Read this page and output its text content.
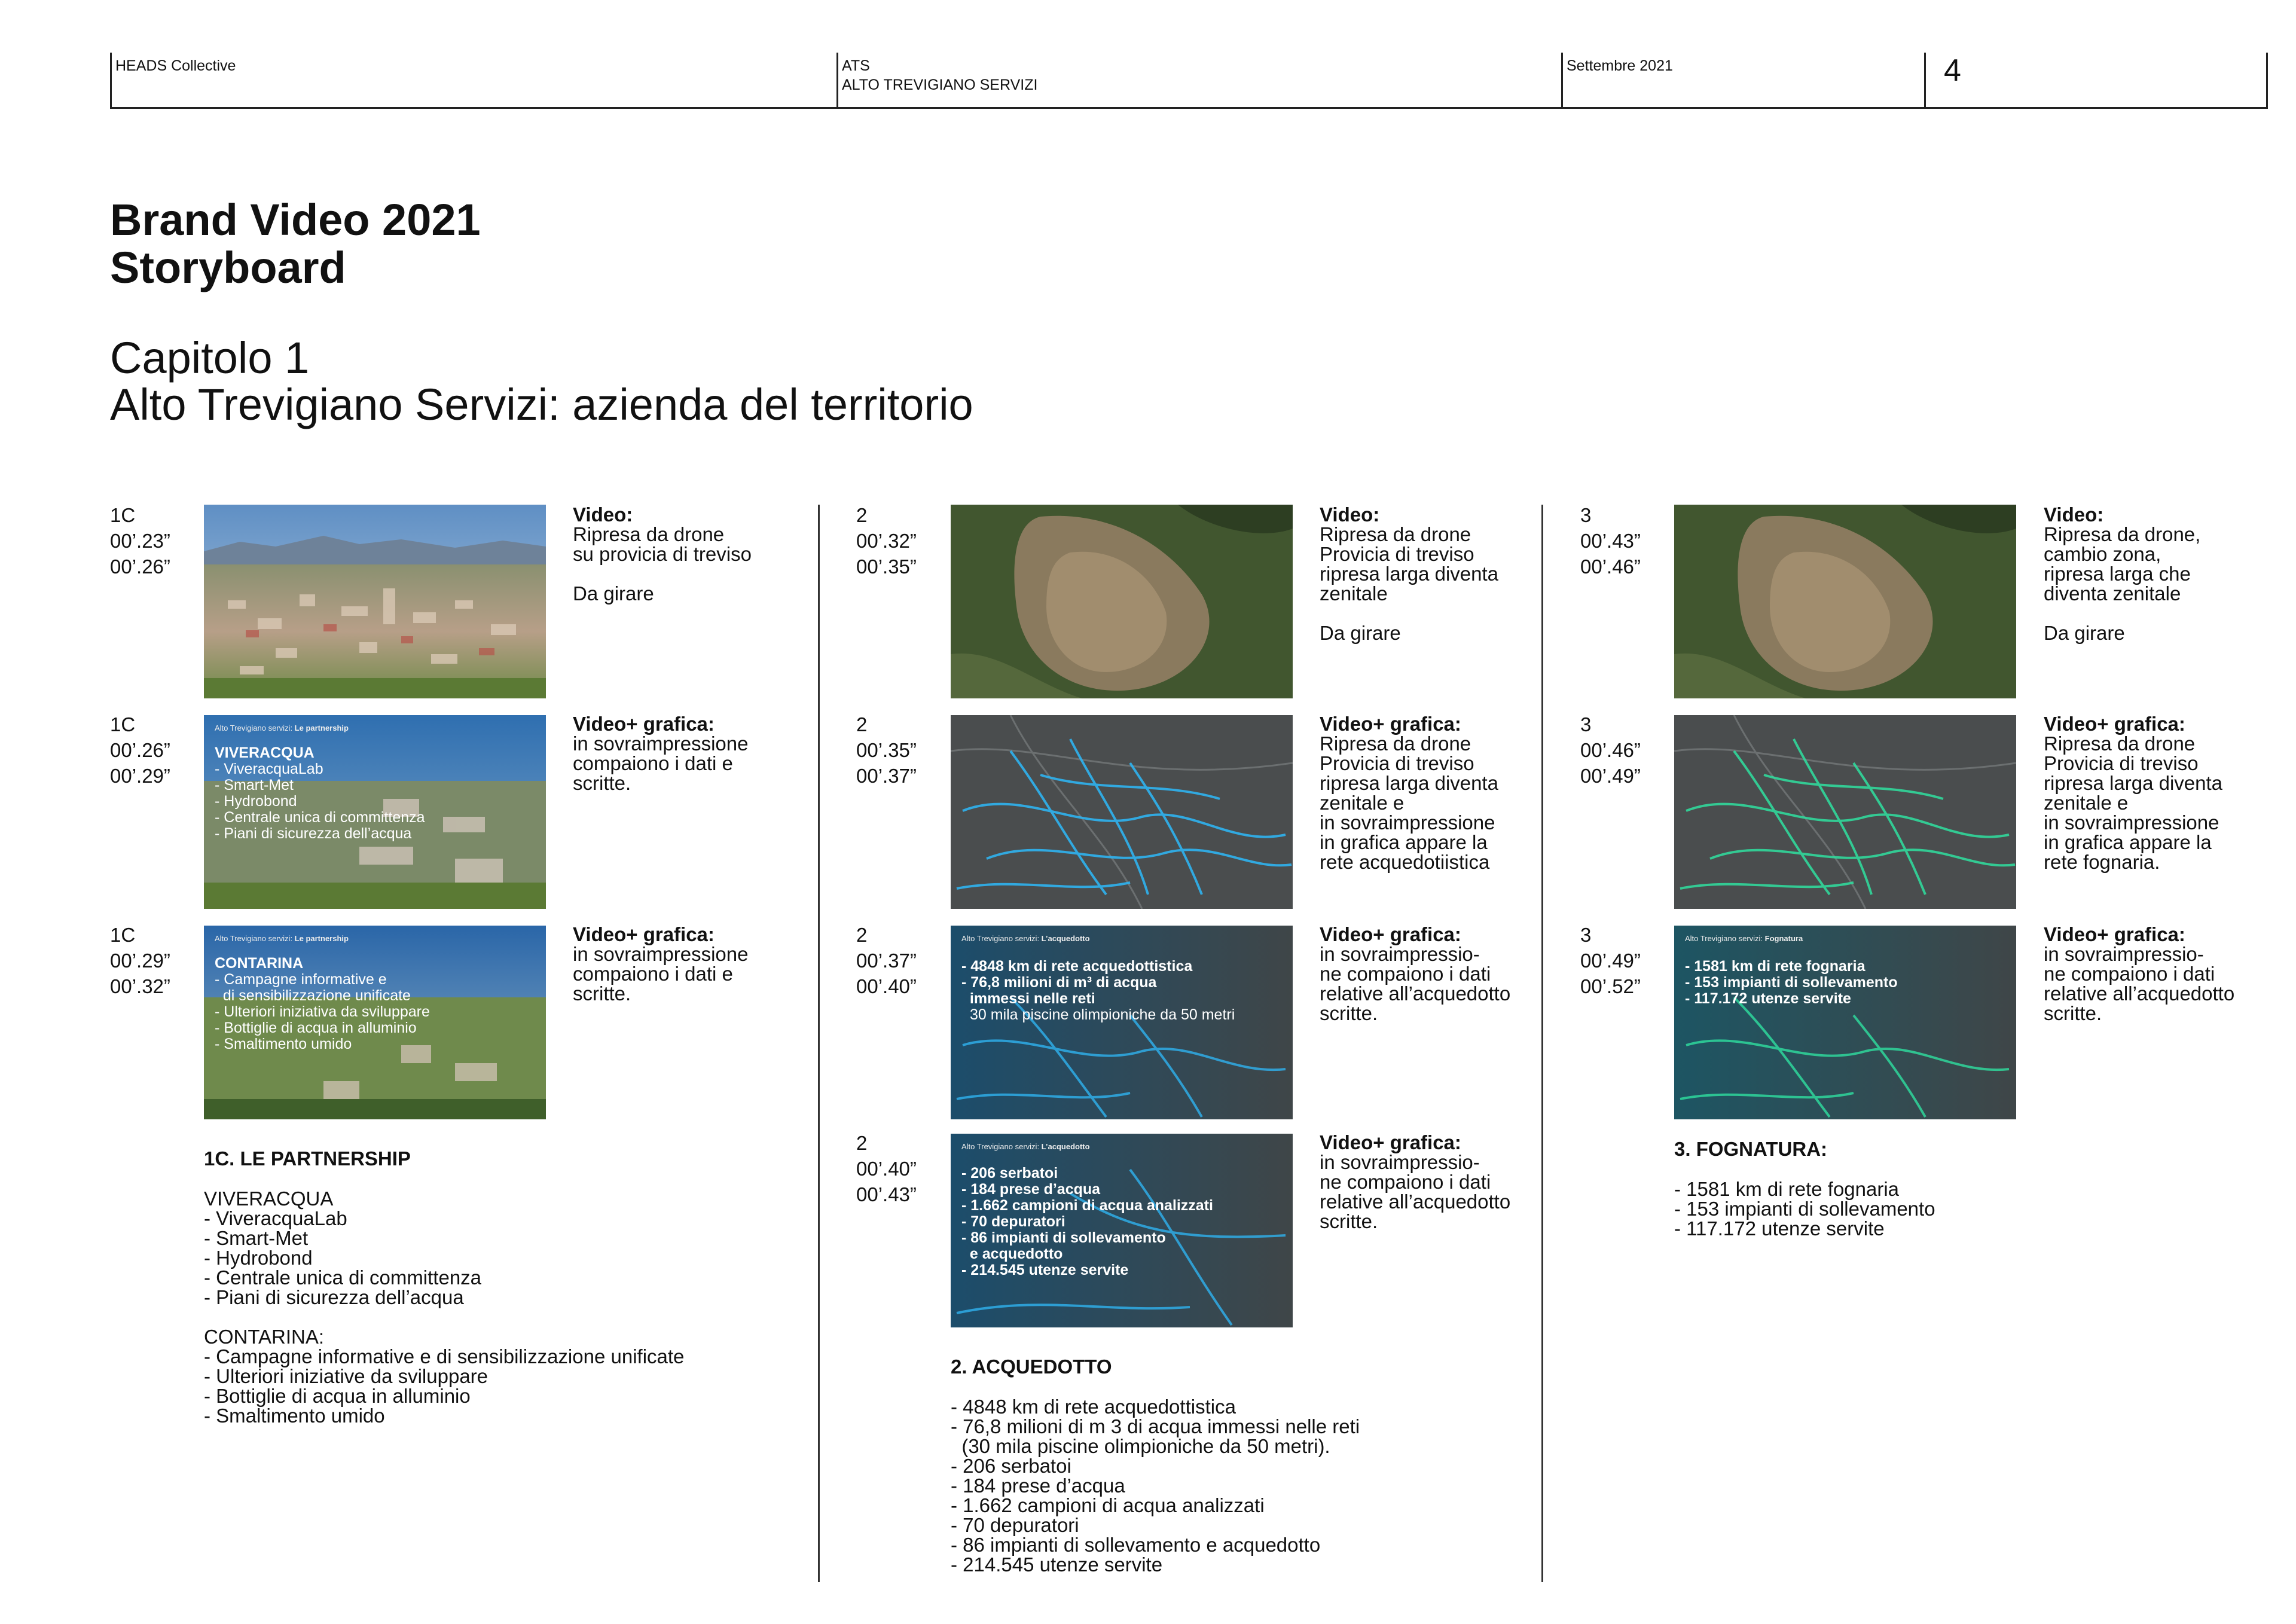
HEADS Collective	ATS
ALTO TREVIGIANO SERVIZI
Settembre 2021	4
Brand Video 2021
Storyboard
Capitolo 1
Alto Trevigiano Servizi: azienda del territorio
1C
00’.23”
00’.26”
Video:
Ripresa da drone
su provicia di treviso
Da girare
1C
00’.26”
00’.29”
Alto Trevigiano servizi: Le partnership
VIVERACQUA
- ViveracquaLab
- Smart-Met
- Hydrobond
- Centrale unica di committenza
- Piani di sicurezza dell’acqua
Video+ grafica:
in sovraimpressione
compaiono i dati e
scritte.
1C
00’.29”
00’.32”
Alto Trevigiano servizi: Le partnership
CONTARINA
- Campagne informative e
di sensibilizzazione unificate
- Ulteriori iniziativa da sviluppare
- Bottiglie di acqua in alluminio
- Smaltimento umido
Video+ grafica:
in sovraimpressione
compaiono i dati e
scritte.
1C. LE PARTNERSHIP
VIVERACQUA
- ViveracquaLab
- Smart-Met
- Hydrobond
- Centrale unica di committenza
- Piani di sicurezza dell’acqua
CONTARINA:
- Campagne informative e di sensibilizzazione unificate
- Ulteriori iniziative da sviluppare
- Bottiglie di acqua in alluminio
- Smaltimento umido
2
00’.32”
00’.35”
Video:
Ripresa da drone
Provicia di treviso
ripresa larga diventa
zenitale
Da girare
2
00’.35”
00’.37”
Video+ grafica:
Ripresa da drone
Provicia di treviso
ripresa larga diventa
zenitale e
in sovraimpressione
in grafica appare la
rete acquedotiistica
2
00’.37”
00’.40”
Alto Trevigiano servizi: L’acquedotto
- 4848 km di rete acquedottistica
- 76,8 milioni di m³ di acqua
immessi nelle reti
30 mila piscine olimpioniche da 50 metri
Video+ grafica:
in sovraimpressio-
ne compaiono i dati
relative all’acquedotto
scritte.
2
00’.40”
00’.43”
Alto Trevigiano servizi: L’acquedotto
- 206 serbatoi
- 184 prese d’acqua
- 1.662 campioni di acqua analizzati
- 70 depuratori
- 86 impianti di sollevamento
e acquedotto
- 214.545 utenze servite
Video+ grafica:
in sovraimpressio-
ne compaiono i dati
relative all’acquedotto
scritte.
2. ACQUEDOTTO
- 4848 km di rete acquedottistica
- 76,8 milioni di m 3 di acqua immessi nelle reti
(30 mila piscine olimpioniche da 50 metri).
- 206 serbatoi
- 184 prese d’acqua
- 1.662 campioni di acqua analizzati
- 70 depuratori
- 86 impianti di sollevamento e acquedotto
- 214.545 utenze servite
3
00’.43”
00’.46”
Video:
Ripresa da drone,
cambio zona,
ripresa larga che
diventa zenitale
Da girare
3
00’.46”
00’.49”
Video+ grafica:
Ripresa da drone
Provicia di treviso
ripresa larga diventa
zenitale e
in sovraimpressione
in grafica appare la
rete fognaria.
3
00’.49”
00’.52”
Alto Trevigiano servizi: Fognatura
- 1581 km di rete fognaria
- 153 impianti di sollevamento
- 117.172 utenze servite
Video+ grafica:
in sovraimpressio-
ne compaiono i dati
relative all’acquedotto
scritte.
3. FOGNATURA:
- 1581 km di rete fognaria
- 153 impianti di sollevamento
- 117.172 utenze servite
